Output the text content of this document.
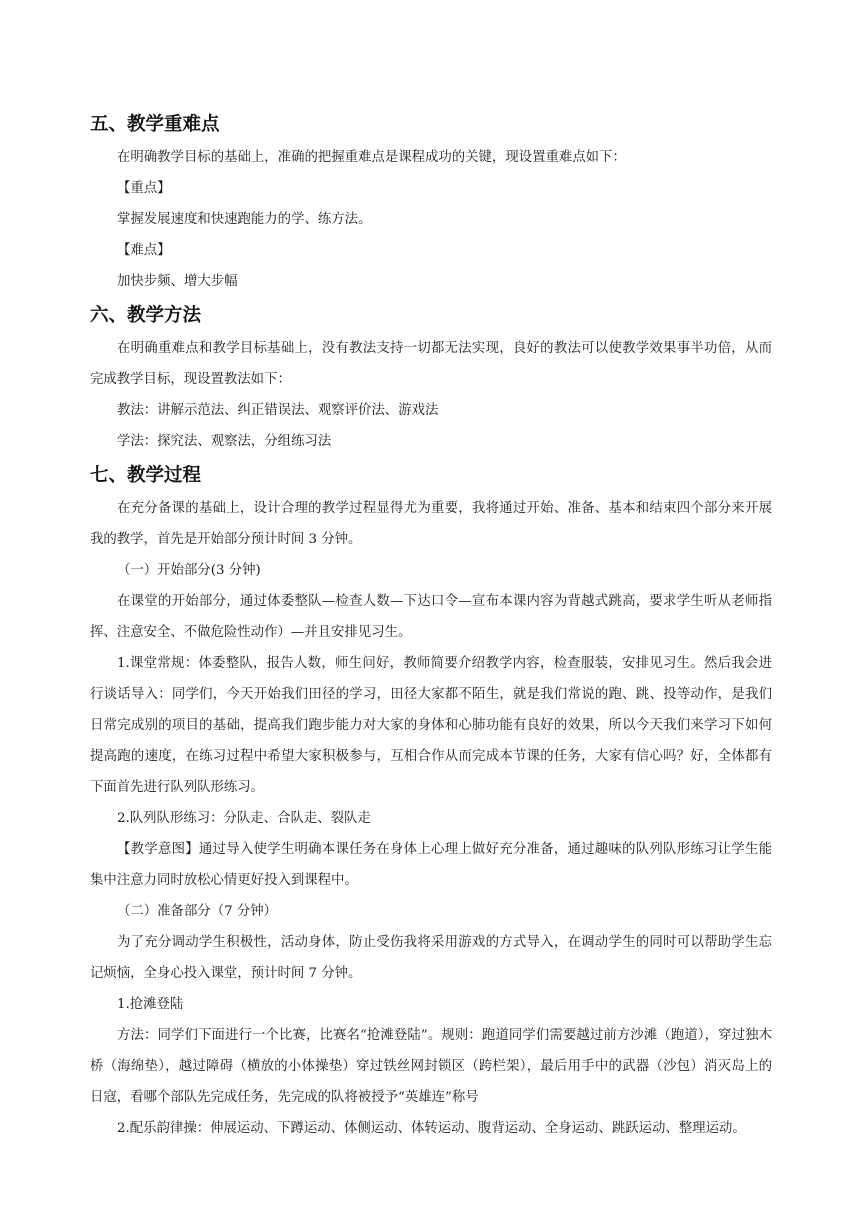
五、教学重难点

在明确教学目标的基础上，准确的把握重难点是课程成功的关键，现设置重难点如下：

【重点】

掌握发展速度和快速跑能力的学、练方法。

【难点】

加快步频、增大步幅

六、教学方法

在明确重难点和教学目标基础上，没有教法支持一切都无法实现，良好的教法可以使教学效果事半功倍，从而完成教学目标，现设置教法如下：

教法：讲解示范法、纠正错误法、观察评价法、游戏法

学法：探究法、观察法，分组练习法

七、教学过程

在充分备课的基础上，设计合理的教学过程显得尤为重要，我将通过开始、准备、基本和结束四个部分来开展我的教学，首先是开始部分预计时间 3 分钟。

（一）开始部分(3 分钟)

在课堂的开始部分，通过体委整队—检查人数—下达口令—宣布本课内容为背越式跳高，要求学生听从老师指挥、注意安全、不做危险性动作）—并且安排见习生。

1.课堂常规：体委整队，报告人数，师生问好，教师简要介绍教学内容，检查服装，安排见习生。然后我会进行谈话导入：同学们，今天开始我们田径的学习，田径大家都不陌生，就是我们常说的跑、跳、投等动作，是我们日常完成别的项目的基础，提高我们跑步能力对大家的身体和心肺功能有良好的效果，所以今天我们来学习下如何提高跑的速度，在练习过程中希望大家积极参与，互相合作从而完成本节课的任务，大家有信心吗？好，全体都有下面首先进行队列队形练习。

2.队列队形练习：分队走、合队走、裂队走

【教学意图】通过导入使学生明确本课任务在身体上心理上做好充分准备，通过趣味的队列队形练习让学生能集中注意力同时放松心情更好投入到课程中。

（二）准备部分（7 分钟）

为了充分调动学生积极性，活动身体，防止受伤我将采用游戏的方式导入，在调动学生的同时可以帮助学生忘记烦恼，全身心投入课堂，预计时间 7 分钟。

1.抢滩登陆

方法：同学们下面进行一个比赛，比赛名“抢滩登陆”。规则：跑道同学们需要越过前方沙滩（跑道），穿过独木桥（海绵垫），越过障碍（横放的小体操垫）穿过铁丝网封锁区（跨栏架），最后用手中的武器（沙包）消灭岛上的日寇，看哪个部队先完成任务，先完成的队将被授予“英雄连”称号

2.配乐韵律操：伸展运动、下蹲运动、体侧运动、体转运动、腹背运动、全身运动、跳跃运动、整理运动。
